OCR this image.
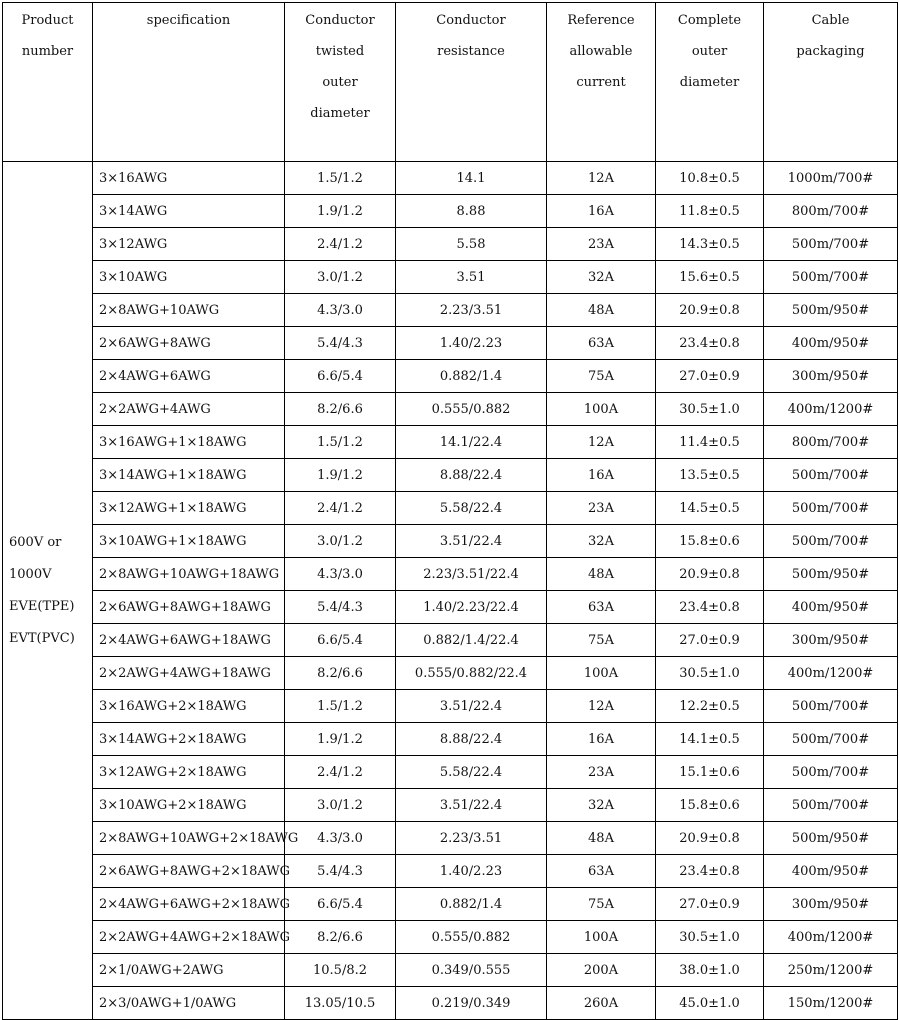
Product
number	specification	Conductor
twisted
outer
diameter	Conductor
resistance	Reference
allowable
current	Complete
outer
diameter	Cable
packaging

600V or
1000V
EVE(TPE)
EVT(PVC)	3×16AWG	1.5/1.2	14.1	12A	10.8±0.5	1000m/700#
	3×14AWG	1.9/1.2	8.88	16A	11.8±0.5	800m/700#
	3×12AWG	2.4/1.2	5.58	23A	14.3±0.5	500m/700#
	3×10AWG	3.0/1.2	3.51	32A	15.6±0.5	500m/700#
	2×8AWG+10AWG	4.3/3.0	2.23/3.51	48A	20.9±0.8	500m/950#
	2×6AWG+8AWG	5.4/4.3	1.40/2.23	63A	23.4±0.8	400m/950#
	2×4AWG+6AWG	6.6/5.4	0.882/1.4	75A	27.0±0.9	300m/950#
	2×2AWG+4AWG	8.2/6.6	0.555/0.882	100A	30.5±1.0	400m/1200#
	3×16AWG+1×18AWG	1.5/1.2	14.1/22.4	12A	11.4±0.5	800m/700#
	3×14AWG+1×18AWG	1.9/1.2	8.88/22.4	16A	13.5±0.5	500m/700#
	3×12AWG+1×18AWG	2.4/1.2	5.58/22.4	23A	14.5±0.5	500m/700#
	3×10AWG+1×18AWG	3.0/1.2	3.51/22.4	32A	15.8±0.6	500m/700#
	2×8AWG+10AWG+18AWG	4.3/3.0	2.23/3.51/22.4	48A	20.9±0.8	500m/950#
	2×6AWG+8AWG+18AWG	5.4/4.3	1.40/2.23/22.4	63A	23.4±0.8	400m/950#
	2×4AWG+6AWG+18AWG	6.6/5.4	0.882/1.4/22.4	75A	27.0±0.9	300m/950#
	2×2AWG+4AWG+18AWG	8.2/6.6	0.555/0.882/22.4	100A	30.5±1.0	400m/1200#
	3×16AWG+2×18AWG	1.5/1.2	3.51/22.4	12A	12.2±0.5	500m/700#
	3×14AWG+2×18AWG	1.9/1.2	8.88/22.4	16A	14.1±0.5	500m/700#
	3×12AWG+2×18AWG	2.4/1.2	5.58/22.4	23A	15.1±0.6	500m/700#
	3×10AWG+2×18AWG	3.0/1.2	3.51/22.4	32A	15.8±0.6	500m/700#
	2×8AWG+10AWG+2×18AWG	4.3/3.0	2.23/3.51	48A	20.9±0.8	500m/950#
	2×6AWG+8AWG+2×18AWG	5.4/4.3	1.40/2.23	63A	23.4±0.8	400m/950#
	2×4AWG+6AWG+2×18AWG	6.6/5.4	0.882/1.4	75A	27.0±0.9	300m/950#
	2×2AWG+4AWG+2×18AWG	8.2/6.6	0.555/0.882	100A	30.5±1.0	400m/1200#
	2×1/0AWG+2AWG	10.5/8.2	0.349/0.555	200A	38.0±1.0	250m/1200#
	2×3/0AWG+1/0AWG	13.05/10.5	0.219/0.349	260A	45.0±1.0	150m/1200#
